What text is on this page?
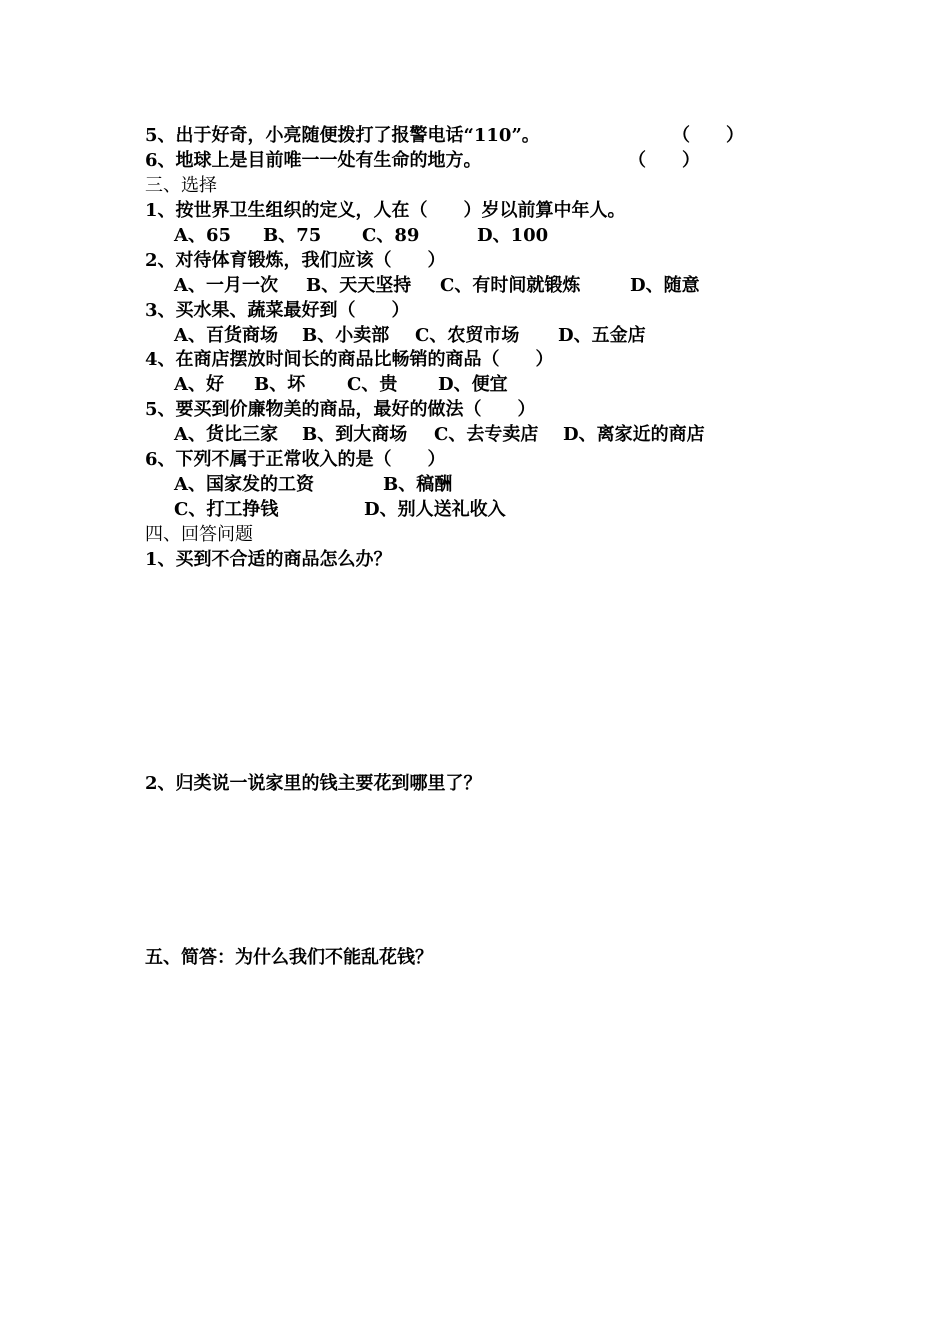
5、出于好奇，小亮随便拨打了报警电话“110”。	（　　）
6、地球上是目前唯一一处有生命的地方。	（　　）
三、选择
1、按世界卫生组织的定义，人在（　　）岁以前算中年人。
A、65 B、75 C、89	D、100
2、对待体育锻炼，我们应该（　　）
A、一月一次 B、天天坚持 C、有时间就锻炼	D、随意
3、买水果、蔬菜最好到（　　）
A、百货商场 B、小卖部 C、农贸市场 D、五金店
4、在商店摆放时间长的商品比畅销的商品（　　）
A、好 B、坏 C、贵 D、便宜
5、要买到价廉物美的商品，最好的做法（　　）
A、货比三家 B、到大商场 C、去专卖店 D、离家近的商店
6、下列不属于正常收入的是（　　）
A、国家发的工资	B、稿酬
C、打工挣钱	D、别人送礼收入
四、回答问题
1、买到不合适的商品怎么办？
2、归类说一说家里的钱主要花到哪里了？
五、简答：为什么我们不能乱花钱？
